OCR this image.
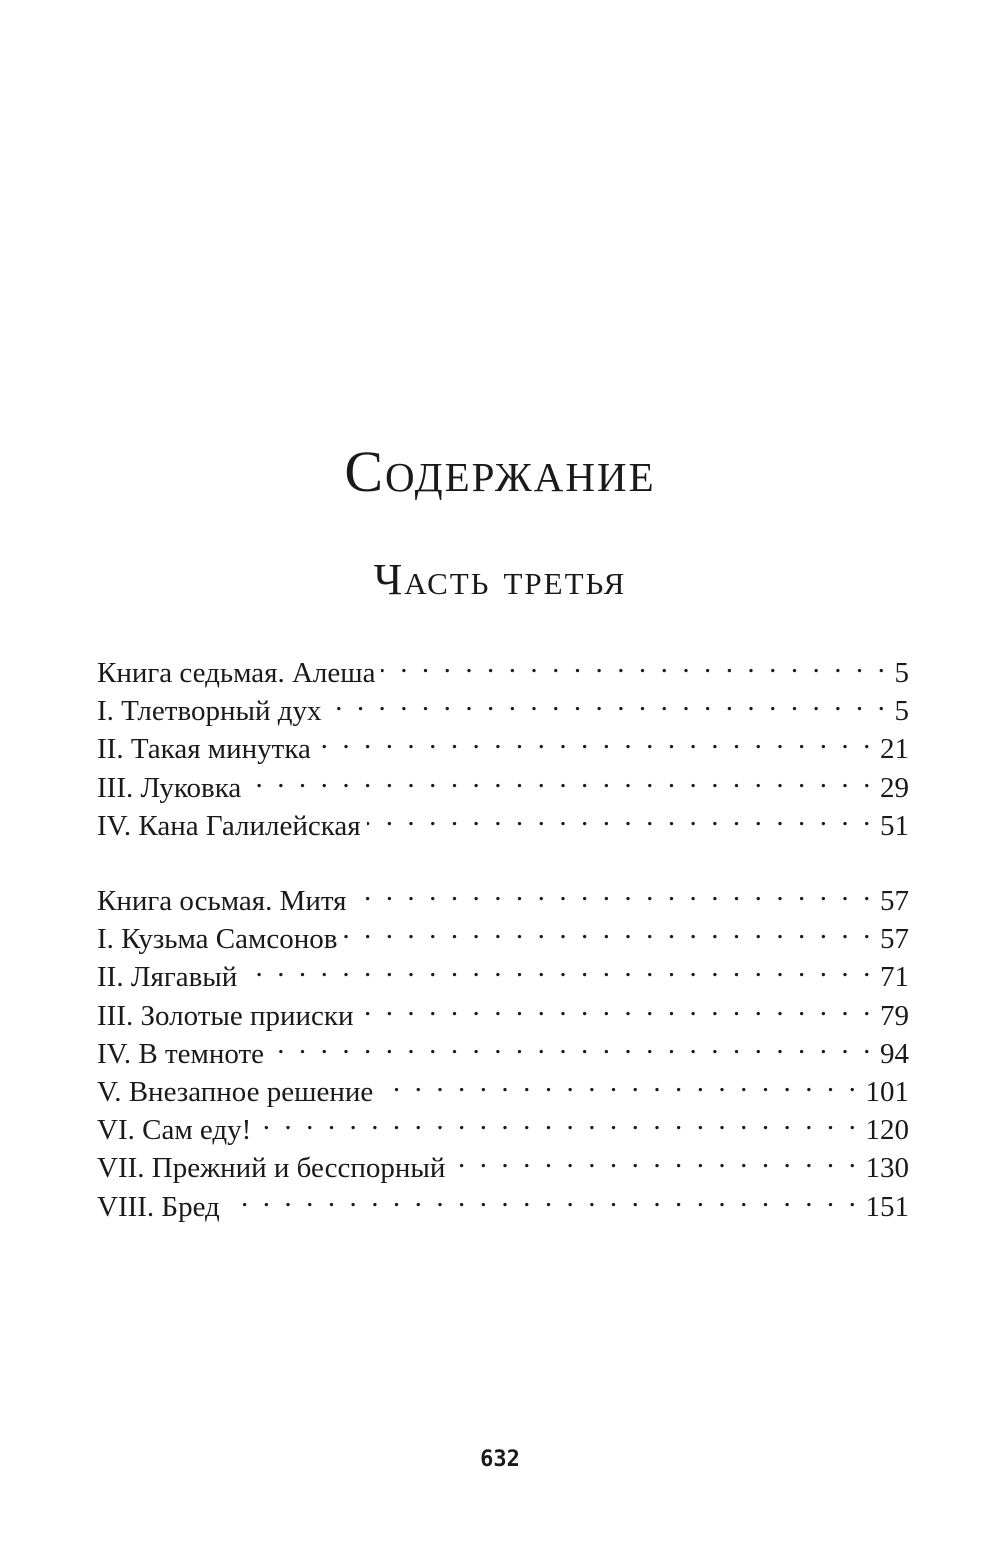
Содержание
Часть третья
Книга седьмая. Алеша . . .	5
I. Тлетворный дух . . .	5
II. Такая минутка . . .	21
III. Луковка . . .	29
IV. Кана Галилейская . . .	51
Книга осьмая. Митя . . .	57
I. Кузьма Самсонов . . .	57
II. Лягавый . . .	71
III. Золотые прииски . . .	79
IV. В темноте . . .	94
V. Внезапное решение . . .	101
VI. Сам еду! . . .	120
VII. Прежний и бесспорный . . .	130
VIII. Бред . . .	151
632
